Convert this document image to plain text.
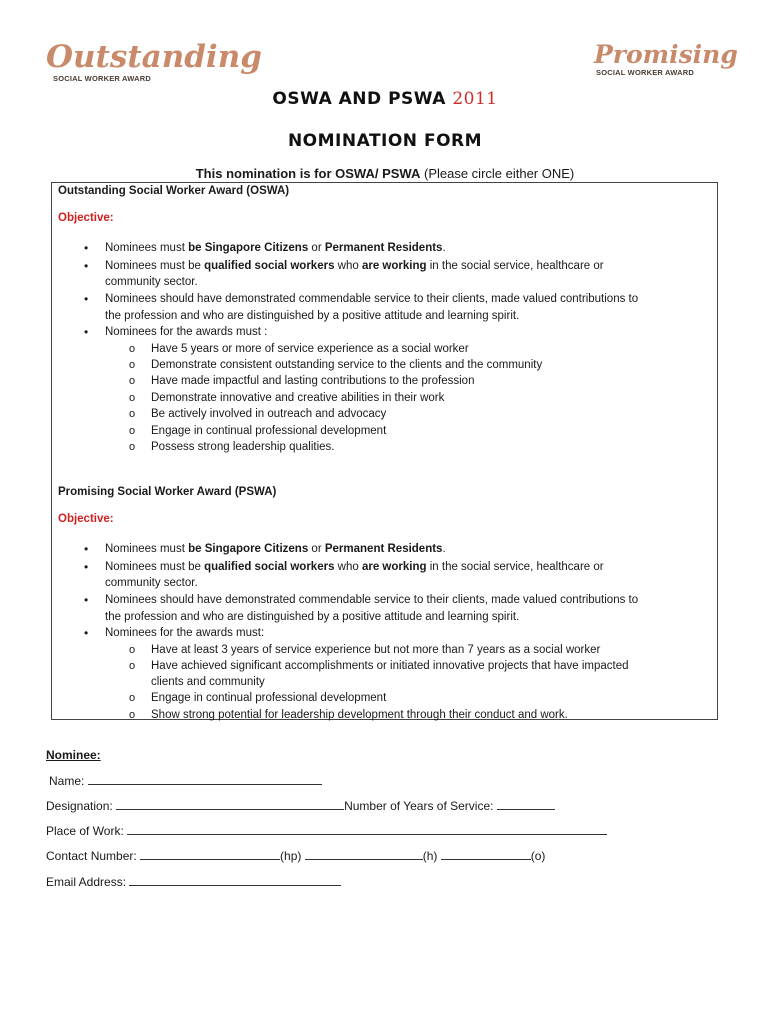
Outstanding
SOCIAL WORKER AWARD
Promising
SOCIAL WORKER AWARD
OSWA AND PSWA 2011
NOMINATION FORM
This nomination is for OSWA/ PSWA (Please circle either ONE)
Outstanding Social Worker Award (OSWA)
Objective:
• Nominees must be Singapore Citizens or Permanent Residents.
• Nominees must be qualified social workers who are working in the social service, healthcare or
community sector.
• Nominees should have demonstrated commendable service to their clients, made valued contributions to
the profession and who are distinguished by a positive attitude and learning spirit.
• Nominees for the awards must :
o Have 5 years or more of service experience as a social worker
o Demonstrate consistent outstanding service to the clients and the community
o Have made impactful and lasting contributions to the profession
o Demonstrate innovative and creative abilities in their work
o Be actively involved in outreach and advocacy
o Engage in continual professional development
o Possess strong leadership qualities.
Promising Social Worker Award (PSWA)
Objective:
• Nominees must be Singapore Citizens or Permanent Residents.
• Nominees must be qualified social workers who are working in the social service, healthcare or
community sector.
• Nominees should have demonstrated commendable service to their clients, made valued contributions to
the profession and who are distinguished by a positive attitude and learning spirit.
• Nominees for the awards must:
o Have at least 3 years of service experience but not more than 7 years as a social worker
o Have achieved significant accomplishments or initiated innovative projects that have impacted
clients and community
o Engage in continual professional development
o Show strong potential for leadership development through their conduct and work.
Nominee:
Name:
Designation:	Number of Years of Service:
Place of Work:
Contact Number:	(hp)	(h)	(o)
Email Address:
